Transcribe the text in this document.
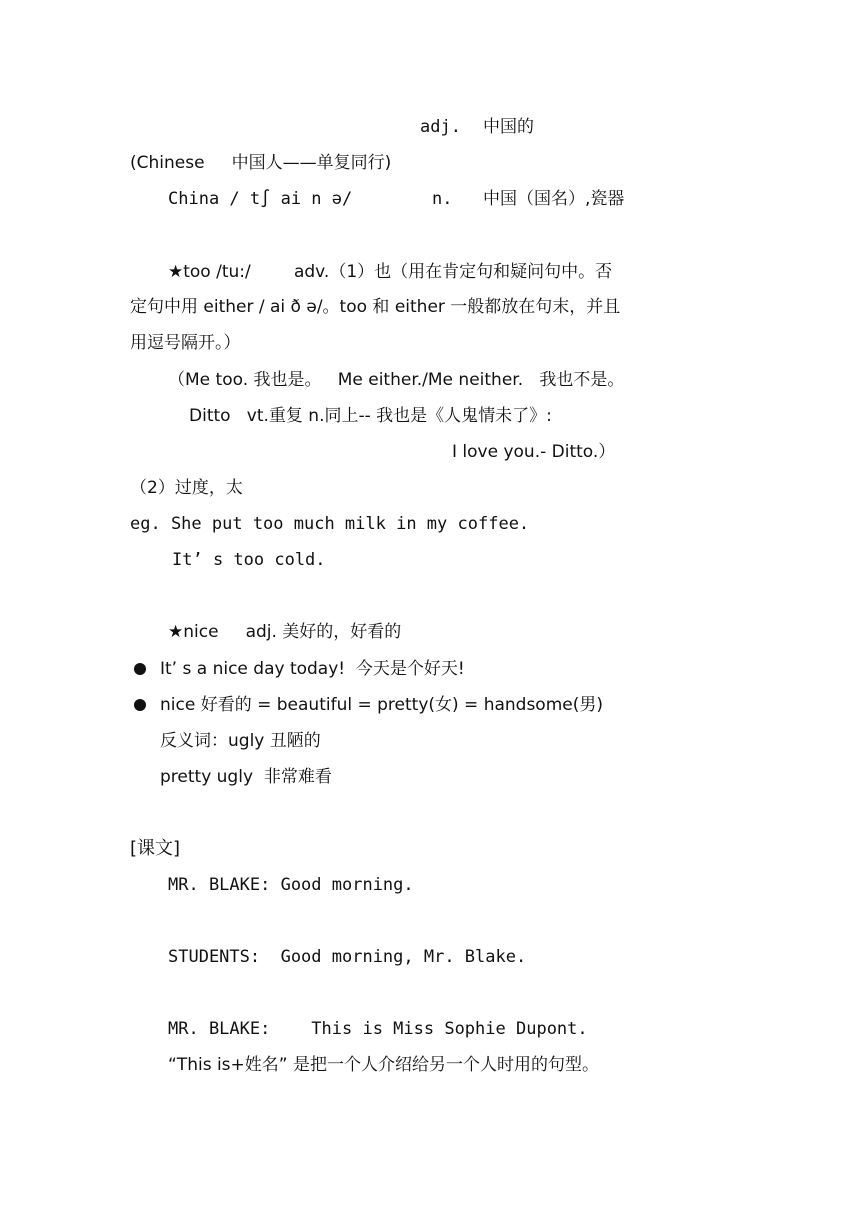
adj. 中国的
(Chinese     中国人——单复同行)
China / t∫ ai n ə/	n. 中国（国名）,瓷器
★too /tu:/        adv.（1）也（用在肯定句和疑问句中。否
定句中用 either / ai ð ə/。too 和 either 一般都放在句末，并且
用逗号隔开。）
（Me too. 我也是。   Me either./Me neither.   我也不是。
Ditto   vt.重复 n.同上-- 我也是《人鬼情未了》:
I love you.- Ditto.）
（2）过度，太
eg. She put too much milk in my coffee.
It’ s too cold.
★nice     adj. 美好的，好看的
It’ s a nice day today!  今天是个好天!
nice 好看的 = beautiful = pretty(女) = handsome(男)
反义词：ugly 丑陋的
pretty ugly  非常难看
[课文]
MR. BLAKE: Good morning.
STUDENTS:  Good morning, Mr. Blake.
MR. BLAKE:    This is Miss Sophie Dupont.
“This is+姓名” 是把一个人介绍给另一个人时用的句型。
